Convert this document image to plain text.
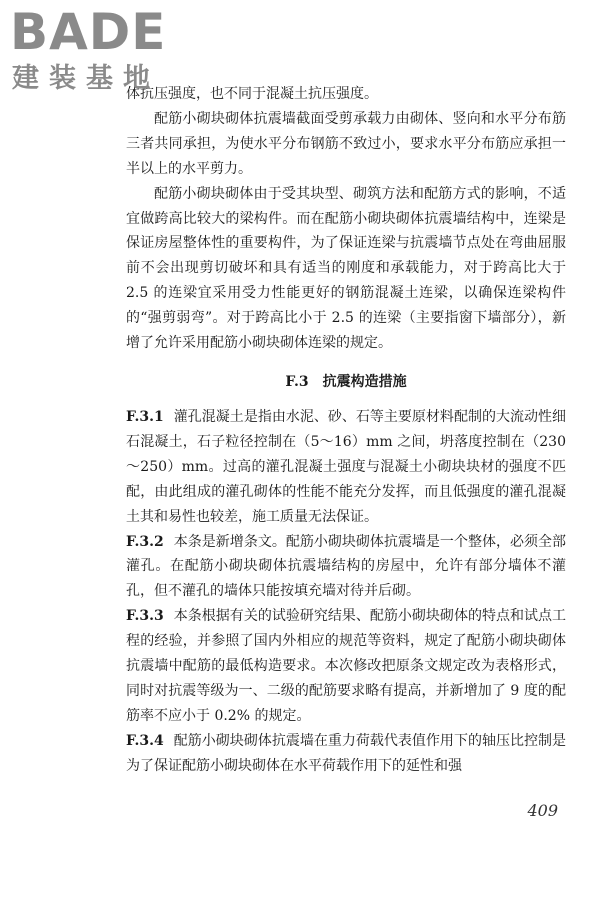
BADE
建装基地

体抗压强度，也不同于混凝土抗压强度。

配筋小砌块砌体抗震墙截面受剪承载力由砌体、竖向和水平分布筋三者共同承担，为使水平分布钢筋不致过小，要求水平分布筋应承担一半以上的水平剪力。

配筋小砌块砌体由于受其块型、砌筑方法和配筋方式的影响，不适宜做跨高比较大的梁构件。而在配筋小砌块砌体抗震墙结构中，连梁是保证房屋整体性的重要构件，为了保证连梁与抗震墙节点处在弯曲屈服前不会出现剪切破坏和具有适当的刚度和承载能力，对于跨高比大于 2.5 的连梁宜采用受力性能更好的钢筋混凝土连梁，以确保连梁构件的“强剪弱弯”。对于跨高比小于 2.5 的连梁（主要指窗下墙部分），新增了允许采用配筋小砌块砌体连梁的规定。

F.3　抗震构造措施

F.3.1 灌孔混凝土是指由水泥、砂、石等主要原材料配制的大流动性细石混凝土，石子粒径控制在（5～16）mm 之间，坍落度控制在（230～250）mm。过高的灌孔混凝土强度与混凝土小砌块块材的强度不匹配，由此组成的灌孔砌体的性能不能充分发挥，而且低强度的灌孔混凝土其和易性也较差，施工质量无法保证。

F.3.2 本条是新增条文。配筋小砌块砌体抗震墙是一个整体，必须全部灌孔。在配筋小砌块砌体抗震墙结构的房屋中，允许有部分墙体不灌孔，但不灌孔的墙体只能按填充墙对待并后砌。

F.3.3 本条根据有关的试验研究结果、配筋小砌块砌体的特点和试点工程的经验，并参照了国内外相应的规范等资料，规定了配筋小砌块砌体抗震墙中配筋的最低构造要求。本次修改把原条文规定改为表格形式，同时对抗震等级为一、二级的配筋要求略有提高，并新增加了 9 度的配筋率不应小于 0.2% 的规定。

F.3.4 配筋小砌块砌体抗震墙在重力荷载代表值作用下的轴压比控制是为了保证配筋小砌块砌体在水平荷载作用下的延性和强

409
